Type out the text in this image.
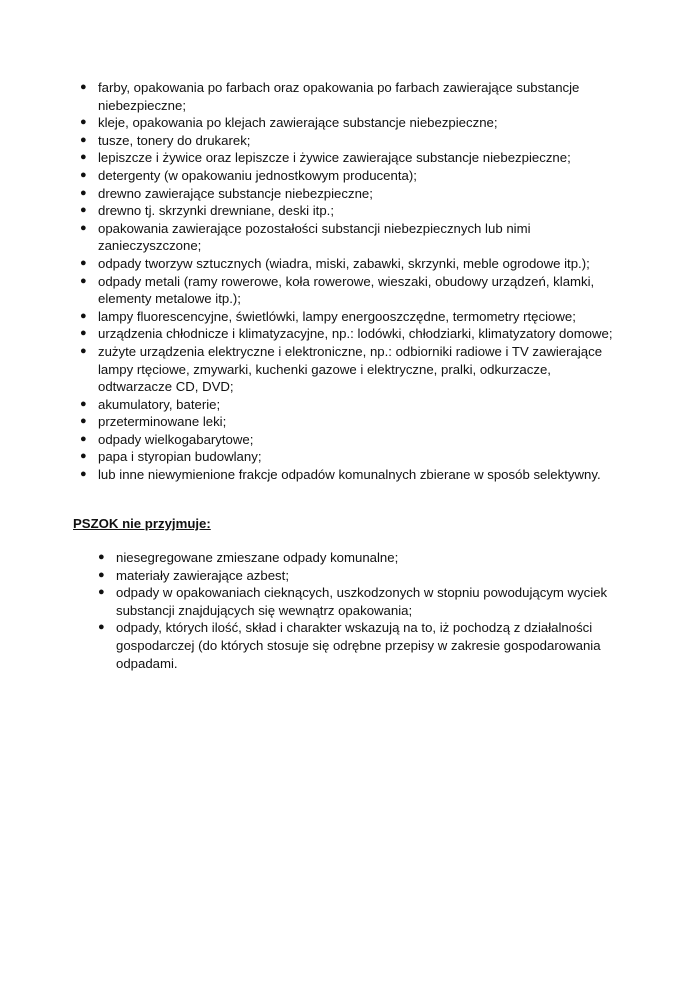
● farby, opakowania po farbach oraz opakowania po farbach zawierające substancje niebezpieczne;
● kleje, opakowania po klejach zawierające substancje niebezpieczne;
● tusze, tonery do drukarek;
● lepiszcze i żywice oraz lepiszcze i żywice zawierające substancje niebezpieczne;
● detergenty (w opakowaniu jednostkowym producenta);
● drewno zawierające substancje niebezpieczne;
● drewno tj. skrzynki drewniane, deski itp.;
● opakowania zawierające pozostałości substancji niebezpiecznych lub nimi zanieczyszczone;
● odpady tworzyw sztucznych (wiadra, miski, zabawki, skrzynki, meble ogrodowe itp.);
● odpady metali (ramy rowerowe, koła rowerowe, wieszaki, obudowy urządzeń, klamki, elementy metalowe itp.);
● lampy fluorescencyjne, świetlówki, lampy energooszczędne, termometry rtęciowe;
● urządzenia chłodnicze i klimatyzacyjne, np.: lodówki, chłodziarki, klimatyzatory domowe;
● zużyte urządzenia elektryczne i elektroniczne, np.: odbiorniki radiowe i TV zawierające lampy rtęciowe, zmywarki, kuchenki gazowe i elektryczne, pralki, odkurzacze, odtwarzacze CD, DVD;
● akumulatory, baterie;
● przeterminowane leki;
● odpady wielkogabarytowe;
● papa i styropian budowlany;
● lub inne niewymienione frakcje odpadów komunalnych zbierane w sposób selektywny.

PSZOK nie przyjmuje:

● niesegregowane zmieszane odpady komunalne;
● materiały zawierające azbest;
● odpady w opakowaniach cieknących, uszkodzonych w stopniu powodującym wyciek substancji znajdujących się wewnątrz opakowania;
● odpady, których ilość, skład i charakter wskazują na to, iż pochodzą z działalności gospodarczej (do których stosuje się odrębne przepisy w zakresie gospodarowania odpadami.
